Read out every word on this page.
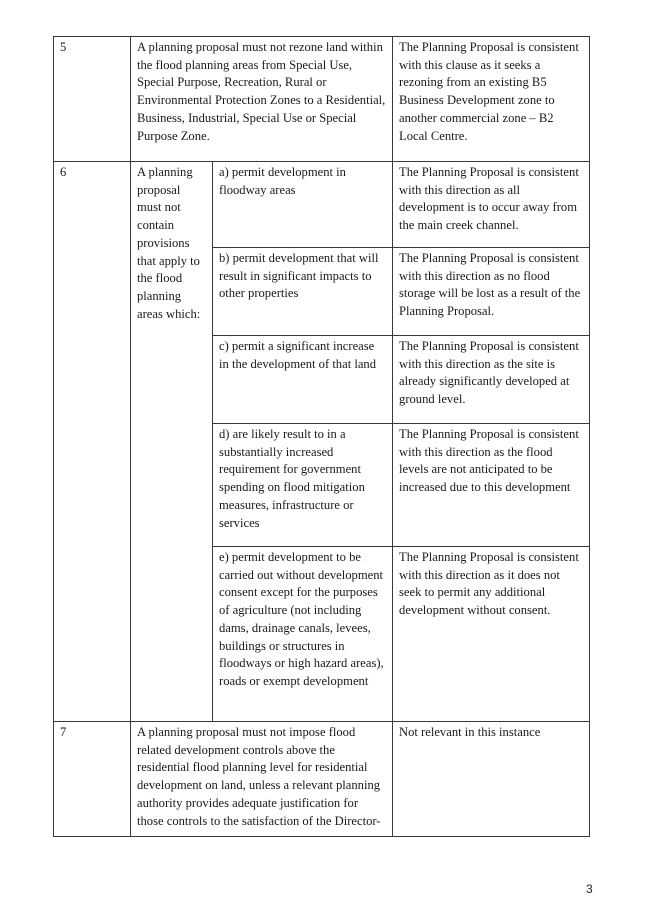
5	A planning proposal must not rezone land within the flood planning areas from Special Use, Special Purpose, Recreation, Rural or Environmental Protection Zones to a Residential, Business, Industrial, Special Use or Special Purpose Zone.		The Planning Proposal is consistent with this clause as it seeks a rezoning from an existing B5 Business Development zone to another commercial zone – B2 Local Centre.
6	A planning proposal must not contain provisions that apply to the flood planning areas which:	a) permit development in floodway areas	The Planning Proposal is consistent with this direction as all development is to occur away from the main creek channel.
		b) permit development that will result in significant impacts to other properties	The Planning Proposal is consistent with this direction as no flood storage will be lost as a result of the Planning Proposal.
		c) permit a significant increase in the development of that land	The Planning Proposal is consistent with this direction as the site is already significantly developed at ground level.
		d) are likely result to in a substantially increased requirement for government spending on flood mitigation measures, infrastructure or services	The Planning Proposal is consistent with this direction as the flood levels are not anticipated to be increased due to this development
		e) permit development to be carried out without development consent except for the purposes of agriculture (not including dams, drainage canals, levees, buildings or structures in floodways or high hazard areas), roads or exempt development	The Planning Proposal is consistent with this direction as it does not seek to permit any additional development without consent.
7	A planning proposal must not impose flood related development controls above the residential flood planning level for residential development on land, unless a relevant planning authority provides adequate justification for those controls to the satisfaction of the Director-		Not relevant in this instance
3
